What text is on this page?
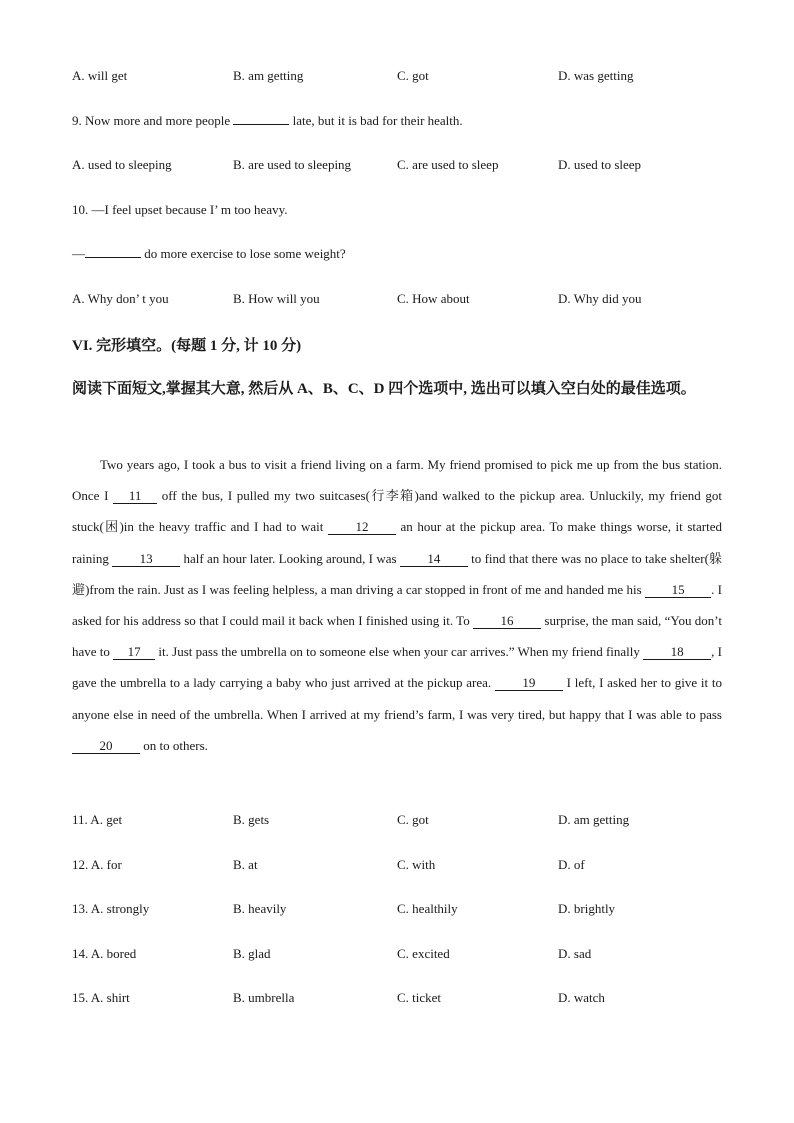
A. will get	B. am getting	C. got	D. was getting
9. Now more and more people	late, but it is bad for their health.
A. used to sleeping	B. are used to sleeping	C. are used to sleep	D. used to sleep
10. —I feel upset because I’ m too heavy.
—	do more exercise to lose some weight?
A. Why don’ t you	B. How will you	C. How about	D. Why did you
VI. 完形填空。(每题 1 分, 计 10 分)
阅读下面短文,掌握其大意, 然后从 A、B、C、D 四个选项中, 选出可以填入空白处的最佳选项。
Two years ago, I took a bus to visit a friend living on a farm. My friend promised to pick me up from the bus station. Once I 11 off the bus, I pulled my two suitcases(行李箱)and walked to the pickup area. Unluckily, my friend got stuck(困)in the heavy traffic and I had to wait 12 an hour at the pickup area. To make things worse, it started raining 13 half an hour later. Looking around, I was 14 to find that there was no place to take shelter(躲避)from the rain. Just as I was feeling helpless, a man driving a car stopped in front of me and handed me his 15 . I asked for his address so that I could mail it back when I finished using it. To 16 surprise, the man said, “You don’t have to 17 it. Just pass the umbrella on to someone else when your car arrives.” When my friend finally 18 , I gave the umbrella to a lady carrying a baby who just arrived at the pickup area. 19 I left, I asked her to give it to anyone else in need of the umbrella. When I arrived at my friend’s farm, I was very tired, but happy that I was able to pass 20 on to others.
11. A. get	B. gets	C. got	D. am getting
12. A. for	B. at	C. with	D. of
13. A. strongly	B. heavily	C. healthily	D. brightly
14. A. bored	B. glad	C. excited	D. sad
15. A. shirt	B. umbrella	C. ticket	D. watch
